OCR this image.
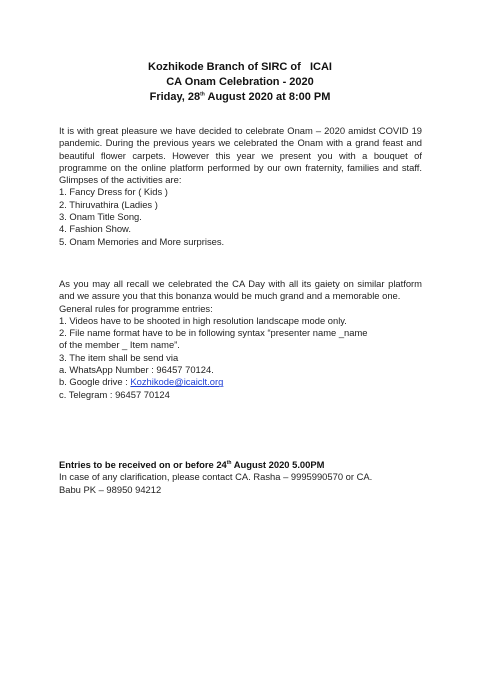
Kozhikode Branch of SIRC of   ICAI
CA Onam Celebration - 2020
Friday, 28th August 2020 at 8:00 PM
It is with great pleasure we have decided to celebrate Onam – 2020 amidst COVID 19 pandemic. During the previous years we celebrated the Onam with a grand feast and beautiful flower carpets. However this year we present you with a bouquet of programme on the online platform performed by our own fraternity, families and staff. Glimpses of the activities are:
1. Fancy Dress for ( Kids )
2. Thiruvathira (Ladies )
3. Onam Title Song.
4. Fashion Show.
5. Onam Memories and More surprises.
As you may all recall we celebrated the CA Day with all its gaiety on similar platform and we assure you that this bonanza would be much grand and a memorable one.
General rules for programme entries:
1. Videos have to be shooted in high resolution landscape mode only.
2. File name format have to be in following syntax “presenter name _name
of the member _ Item name”.
3. The item shall be send via
a. WhatsApp Number : 96457 70124.
b. Google drive : Kozhikode@icaiclt.org
c. Telegram : 96457 70124
Entries to be received on or before 24th August 2020 5.00PM
In case of any clarification, please contact CA. Rasha – 9995990570 or CA.
Babu PK – 98950 94212
